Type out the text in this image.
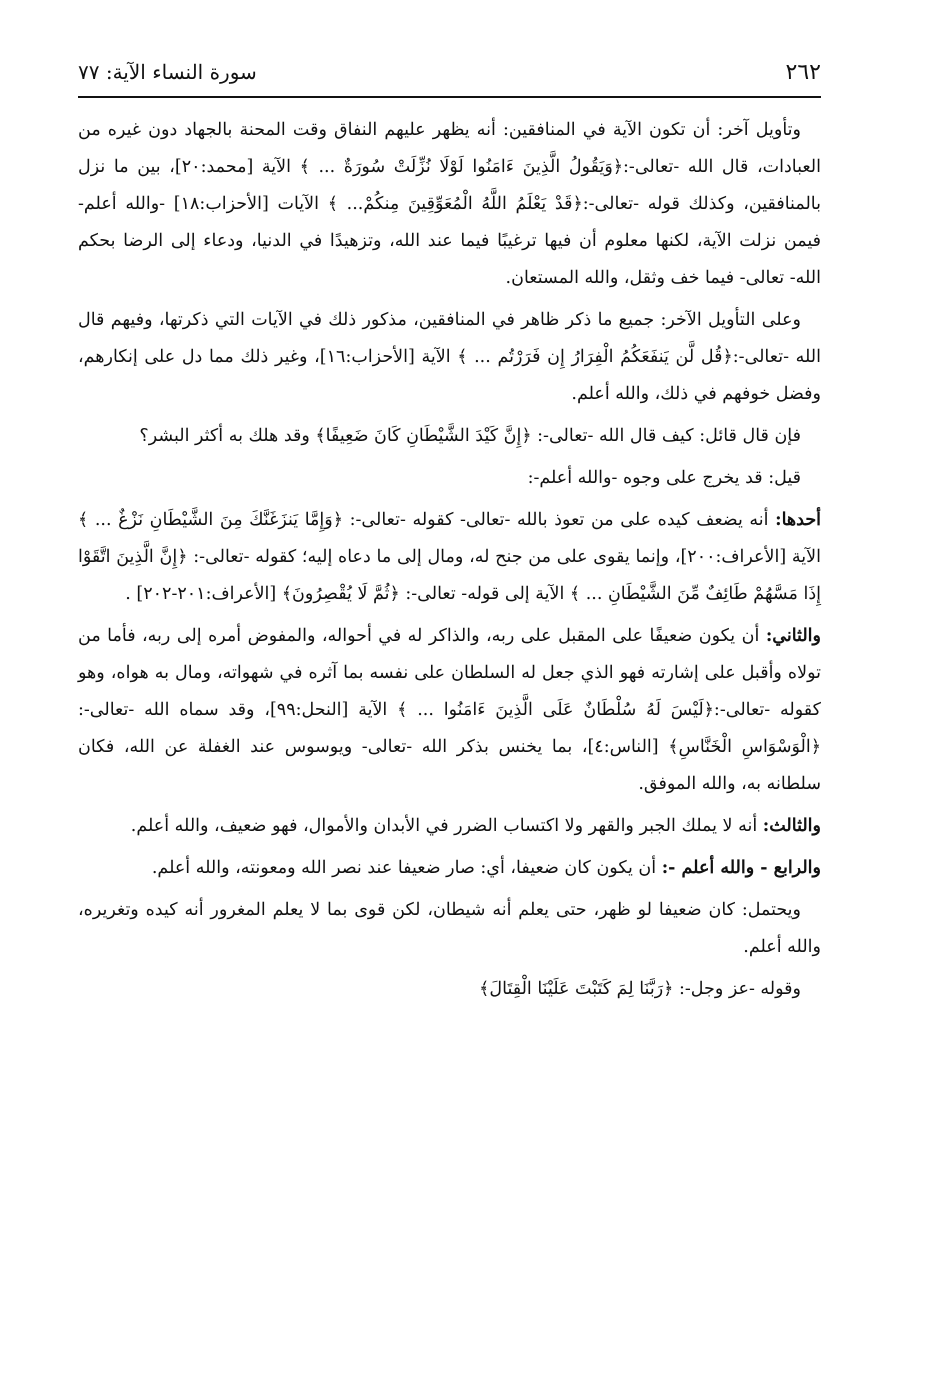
٢٦٢
سورة النساء الآية: ٧٧

وتأويل آخر: أن تكون الآية في المنافقين: أنه يظهر عليهم النفاق وقت المحنة بالجهاد دون غيره من العبادات، قال الله -تعالى-:﴿وَيَقُولُ الَّذِينَ ءَامَنُوا لَوْلَا نُزِّلَتْ سُورَةٌ ... ﴾ الآية [محمد:٢٠]، بين ما نزل بالمنافقين، وكذلك قوله -تعالى-:﴿قَدْ يَعْلَمُ اللَّهُ الْمُعَوِّقِينَ مِنكُمْ... ﴾ الآيات [الأحزاب:١٨] -والله أعلم- فيمن نزلت الآية، لكنها معلوم أن فيها ترغيبًا فيما عند الله، وتزهيدًا في الدنيا، ودعاء إلى الرضا بحكم الله- تعالى- فيما خف وثقل، والله المستعان.

وعلى التأويل الآخر: جميع ما ذكر ظاهر في المنافقين، مذكور ذلك في الآيات التي ذكرتها، وفيهم قال الله -تعالى-:﴿قُل لَّن يَنفَعَكُمُ الْفِرَارُ إِن فَرَرْتُم ... ﴾ الآية [الأحزاب:١٦]، وغير ذلك مما دل على إنكارهم، وفضل خوفهم في ذلك، والله أعلم.

فإن قال قائل: كيف قال الله -تعالى-: ﴿إِنَّ كَيْدَ الشَّيْطَانِ كَانَ ضَعِيفًا﴾ وقد هلك به أكثر البشر؟

قيل: قد يخرج على وجوه -والله أعلم-:

أحدها: أنه يضعف كيده على من تعوذ بالله -تعالى- كقوله -تعالى-: ﴿وَإِمَّا يَنزَغَنَّكَ مِنَ الشَّيْطَانِ نَزْغٌ ... ﴾ الآية [الأعراف:٢٠٠]، وإنما يقوى على من جنح له، ومال إلى ما دعاه إليه؛ كقوله -تعالى-: ﴿إِنَّ الَّذِينَ اتَّقَوْا إِذَا مَسَّهُمْ طَائِفٌ مِّنَ الشَّيْطَانِ ... ﴾ الآية إلى قوله- تعالى-: ﴿ثُمَّ لَا يُقْصِرُونَ﴾ [الأعراف:٢٠١-٢٠٢] .

والثاني: أن يكون ضعيفًا على المقبل على ربه، والذاكر له في أحواله، والمفوض أمره إلى ربه، فأما من تولاه وأقبل على إشارته فهو الذي جعل له السلطان على نفسه بما آثره في شهواته، ومال به هواه، وهو كقوله -تعالى-:﴿لَيْسَ لَهُ سُلْطَانٌ عَلَى الَّذِينَ ءَامَنُوا ... ﴾ الآية [النحل:٩٩]، وقد سماه الله -تعالى-:﴿الْوَسْوَاسِ الْخَنَّاسِ﴾ [الناس:٤]، بما يخنس بذكر الله -تعالى- ويوسوس عند الغفلة عن الله، فكان سلطانه به، والله الموفق.

والثالث: أنه لا يملك الجبر والقهر ولا اكتساب الضرر في الأبدان والأموال، فهو ضعيف، والله أعلم.

والرابع - والله أعلم -: أن يكون كان ضعيفا، أي: صار ضعيفا عند نصر الله ومعونته، والله أعلم.

ويحتمل: كان ضعيفا لو ظهر، حتى يعلم أنه شيطان، لكن قوى بما لا يعلم المغرور أنه كيده وتغريره، والله أعلم.

وقوله -عز وجل-: ﴿رَبَّنَا لِمَ كَتَبْتَ عَلَيْنَا الْقِتَالَ﴾
